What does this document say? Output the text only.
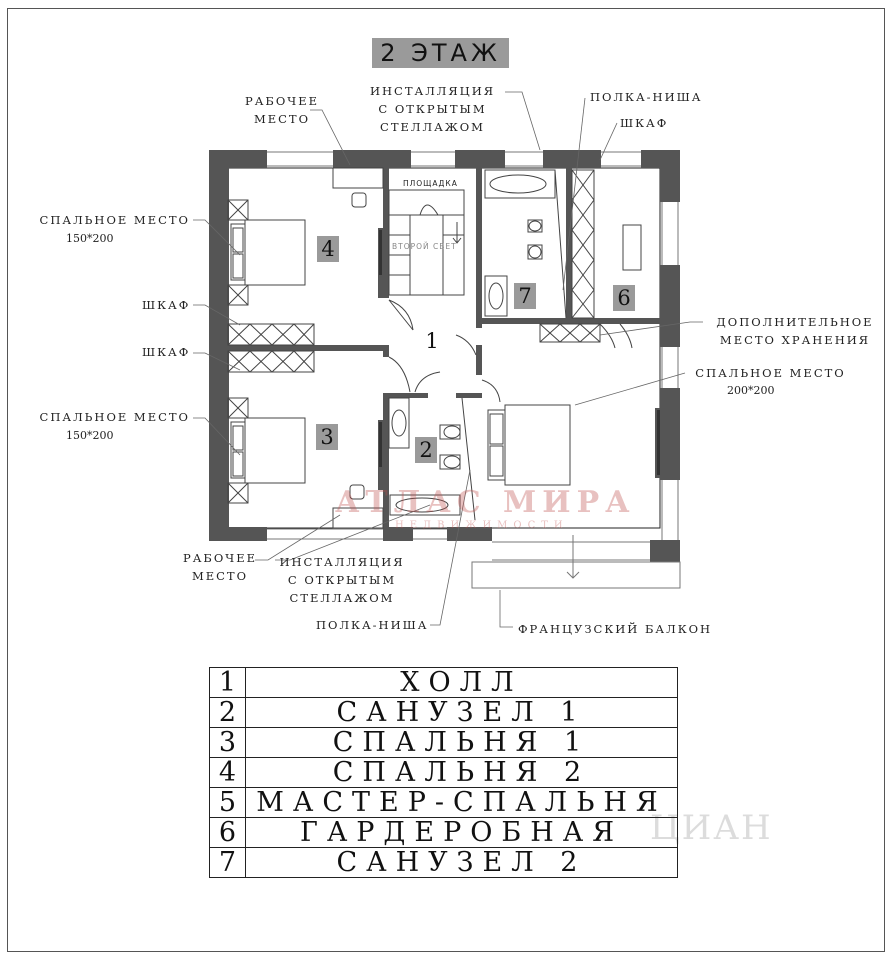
2 ЭТАЖ
АТЛАС МИРА
НЕДВИЖИМОСТИ
ЦИАН
ПЛОЩАДКА
ВТОРОЙ СВЕТ
4
1
7	6
3
2
РАБОЧЕЕ
МЕСТО
ИНСТАЛЛЯЦИЯ
С ОТКРЫТЫМ
СТЕЛЛАЖОМ
ПОЛКА-НИША
ШКАФ
СПАЛЬНОЕ МЕСТО
150*200
ШКАФ
ШКАФ
СПАЛЬНОЕ МЕСТО
150*200
ДОПОЛНИТЕЛЬНОЕ
МЕСТО ХРАНЕНИЯ
СПАЛЬНОЕ МЕСТО
200*200
РАБОЧЕЕ
МЕСТО
ИНСТАЛЛЯЦИЯ
С ОТКРЫТЫМ
СТЕЛЛАЖОМ
ПОЛКА-НИША	ФРАНЦУЗСКИЙ БАЛКОН
1	ХОЛЛ
2	САНУЗЕЛ 1
3	СПАЛЬНЯ 1
4	СПАЛЬНЯ 2
5	МАСТЕР-СПАЛЬНЯ
6	ГАРДЕРОБНАЯ
7	САНУЗЕЛ 2
